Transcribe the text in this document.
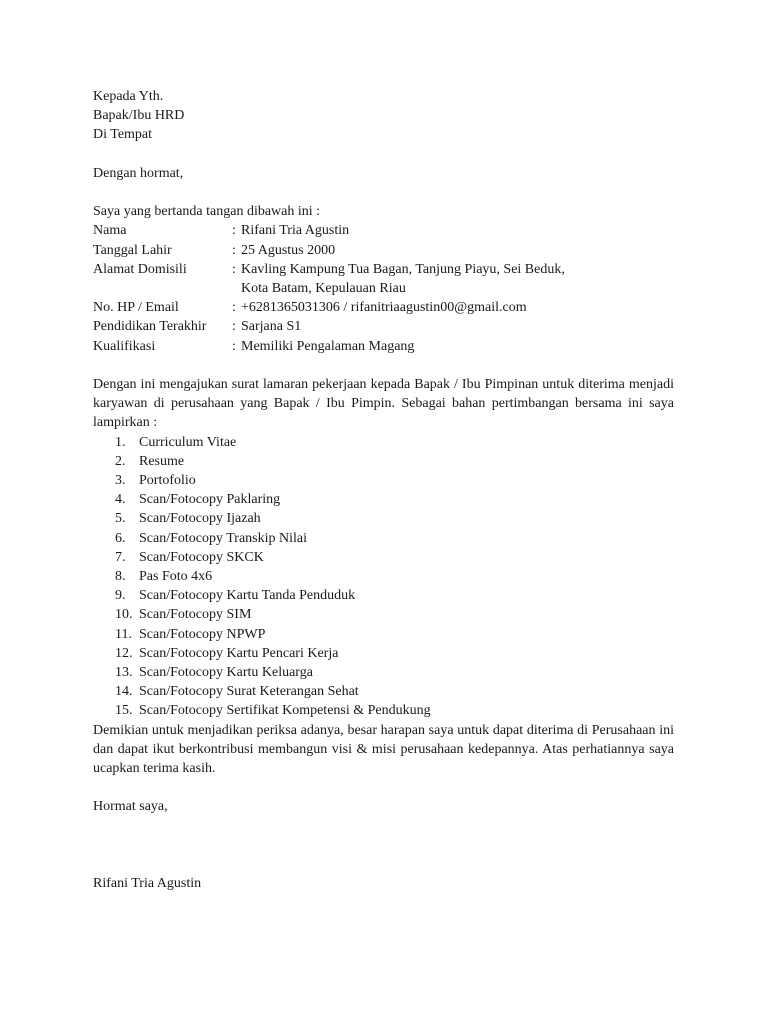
Kepada Yth.
Bapak/Ibu HRD
Di Tempat
Dengan hormat,
Saya yang bertanda tangan dibawah ini :
Nama	: Rifani Tria Agustin
Tanggal Lahir	: 25 Agustus 2000
Alamat Domisili	: Kavling Kampung Tua Bagan, Tanjung Piayu, Sei Beduk,
Kota Batam, Kepulauan Riau
No. HP / Email	: +6281365031306 / rifanitriaagustin00@gmail.com
Pendidikan Terakhir	: Sarjana S1
Kualifikasi	: Memiliki Pengalaman Magang
Dengan ini mengajukan surat lamaran pekerjaan kepada Bapak / Ibu Pimpinan untuk diterima menjadi karyawan di perusahaan yang Bapak / Ibu Pimpin. Sebagai bahan pertimbangan bersama ini saya lampirkan :
1. Curriculum Vitae
2. Resume
3. Portofolio
4. Scan/Fotocopy Paklaring
5. Scan/Fotocopy Ijazah
6. Scan/Fotocopy Transkip Nilai
7. Scan/Fotocopy SKCK
8. Pas Foto 4x6
9. Scan/Fotocopy Kartu Tanda Penduduk
10. Scan/Fotocopy SIM
11. Scan/Fotocopy NPWP
12. Scan/Fotocopy Kartu Pencari Kerja
13. Scan/Fotocopy Kartu Keluarga
14. Scan/Fotocopy Surat Keterangan Sehat
15. Scan/Fotocopy Sertifikat Kompetensi & Pendukung
Demikian untuk menjadikan periksa adanya, besar harapan saya untuk dapat diterima di Perusahaan ini dan dapat ikut berkontribusi membangun visi & misi perusahaan kedepannya. Atas perhatiannya saya ucapkan terima kasih.
Hormat saya,
Rifani Tria Agustin
